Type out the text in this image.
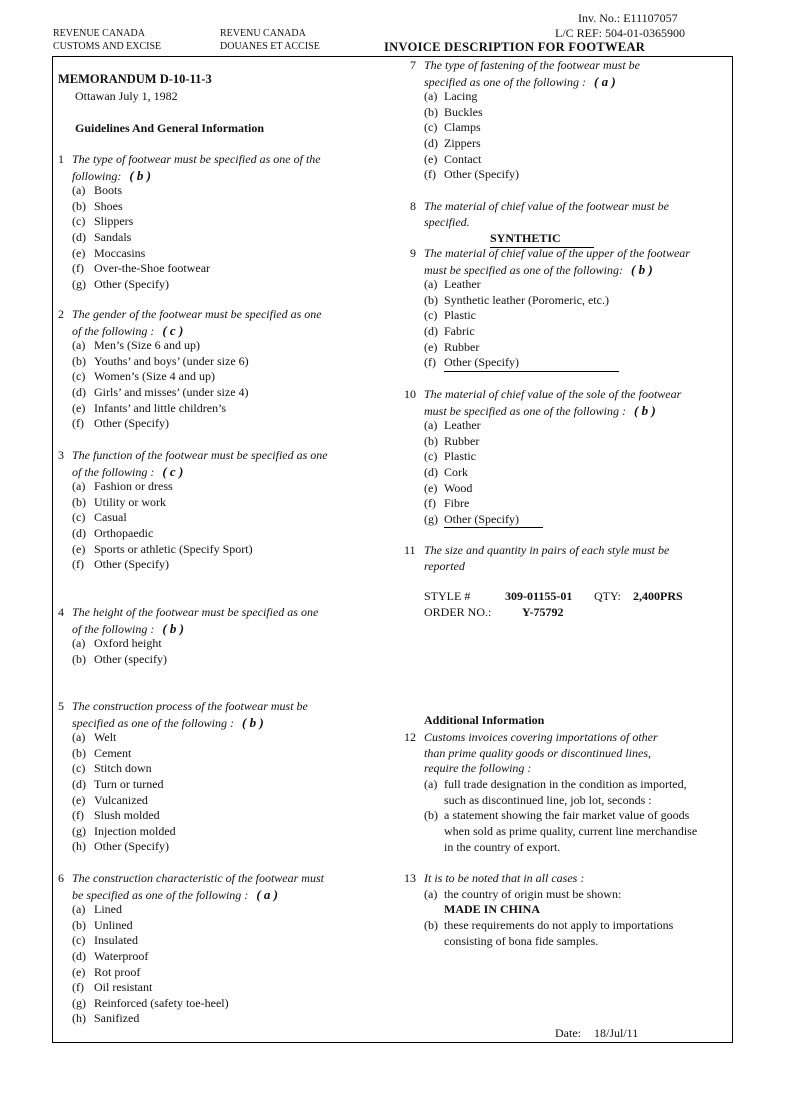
Inv. No.: E11107057
L/C REF: 504-01-0365900
REVENUE CANADA
CUSTOMS AND EXCISE
REVENU CANADA
DOUANES ET ACCISE	INVOICE DESCRIPTION FOR FOOTWEAR
MEMORANDUM D-10-11-3
Ottawan July 1, 1982
Guidelines And General Information
1 The type of footwear must be specified as one of the
following: ( b )
(a) Boots
(b) Shoes
(c) Slippers
(d) Sandals
(e) Moccasins
(f) Over-the-Shoe footwear
(g) Other (Specify)
2 The gender of the footwear must be specified as one
of the following : ( c )
(a) Men’s (Size 6 and up)
(b) Youths’ and boys’ (under size 6)
(c) Women’s (Size 4 and up)
(d) Girls’ and misses’ (under size 4)
(e) Infants’ and little children’s
(f) Other (Specify)
3 The function of the footwear must be specified as one
of the following : ( c )
(a) Fashion or dress
(b) Utility or work
(c) Casual
(d) Orthopaedic
(e) Sports or athletic (Specify Sport)
(f) Other (Specify)
4 The height of the footwear must be specified as one
of the following : ( b )
(a) Oxford height
(b) Other (specify)
5 The construction process of the footwear must be
specified as one of the following : ( b )
(a) Welt
(b) Cement
(c) Stitch down
(d) Turn or turned
(e) Vulcanized
(f) Slush molded
(g) Injection molded
(h) Other (Specify)
6 The construction characteristic of the footwear must
be specified as one of the following : ( a )
(a) Lined
(b) Unlined
(c) Insulated
(d) Waterproof
(e) Rot proof
(f) Oil resistant
(g) Reinforced (safety toe-heel)
(h) Sanifized
7 The type of fastening of the footwear must be
specified as one of the following : ( a )
(a) Lacing
(b) Buckles
(c) Clamps
(d) Zippers
(e) Contact
(f) Other (Specify)
8 The material of chief value of the footwear must be
specified.
SYNTHETIC
9 The material of chief value of the upper of the footwear
must be specified as one of the following: ( b )
(a) Leather
(b) Synthetic leather (Poromeric, etc.)
(c) Plastic
(d) Fabric
(e) Rubber
(f) Other (Specify)
10 The material of chief value of the sole of the footwear
must be specified as one of the following : ( b )
(a) Leather
(b) Rubber
(c) Plastic
(d) Cork
(e) Wood
(f) Fibre
(g) Other (Specify)
11 The size and quantity in pairs of each style must be
reported
STYLE #	309-01155-01 QTY: 2,400PRS
ORDER NO.:	Y-75792
Additional Information
12 Customs invoices covering importations of other
than prime quality goods or discontinued lines,
require the following :
(a) full trade designation in the condition as imported,
such as discontinued line, job lot, seconds :
(b) a statement showing the fair market value of goods
when sold as prime quality, current line merchandise
in the country of export.
13 It is to be noted that in all cases :
(a) the country of origin must be shown:
MADE IN CHINA
(b) these requirements do not apply to importations
consisting of bona fide samples.
Date: 18/Jul/11
